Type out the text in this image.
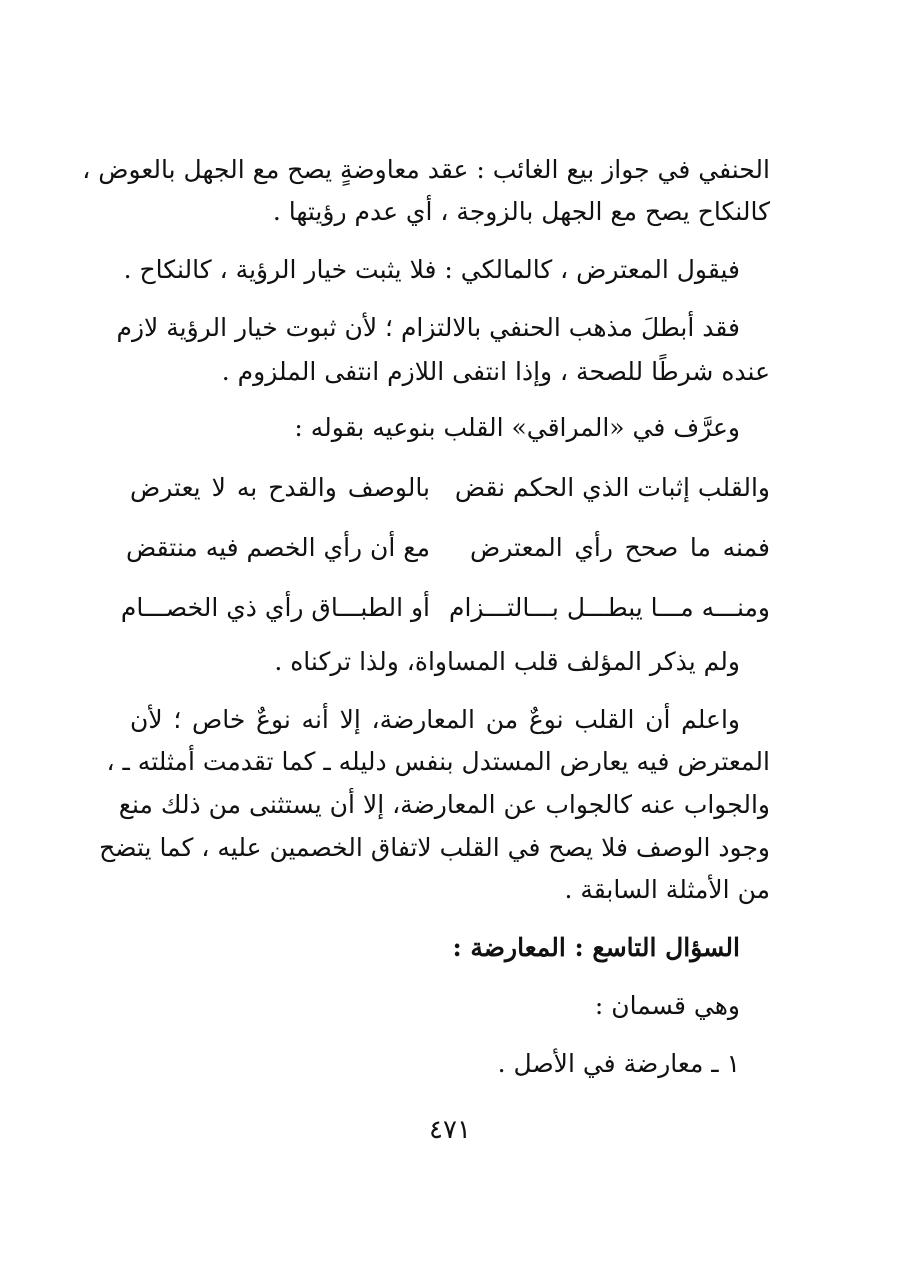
الحنفي في جواز بيع الغائب : عقد معاوضةٍ يصح مع الجهل بالعوض ،
كالنكاح يصح مع الجهل بالزوجة ، أي عدم رؤيتها .
فيقول المعترض ، كالمالكي : فلا يثبت خيار الرؤية ، كالنكاح .
فقد أبطلَ مذهب الحنفي بالالتزام ؛ لأن ثبوت خيار الرؤية لازم
عنده شرطًا للصحة ، وإذا انتفى اللازم انتفى الملزوم .
وعرَّف في «المراقي» القلب بنوعيه بقوله :
والقلب إثبات الذي الحكم نقض
بالوصف والقدح به لا يعترض
فمنه ما صحح رأي المعترض
مع أن رأي الخصم فيه منتقض
ومنـــه مـــا يبطـــل بـــالتـــزام
أو الطبـــاق رأي ذي الخصـــام
ولم يذكر المؤلف قلب المساواة، ولذا تركناه .
واعلم أن القلب نوعٌ من المعارضة، إلا أنه نوعٌ خاص ؛ لأن
المعترض فيه يعارض المستدل بنفس دليله ـ كما تقدمت أمثلته ـ ،
والجواب عنه كالجواب عن المعارضة، إلا أن يستثنى من ذلك منع
وجود الوصف فلا يصح في القلب لاتفاق الخصمين عليه ، كما يتضح
من الأمثلة السابقة .
السؤال التاسع : المعارضة :
وهي قسمان :
١ ـ معارضة في الأصل .
٤٧١
